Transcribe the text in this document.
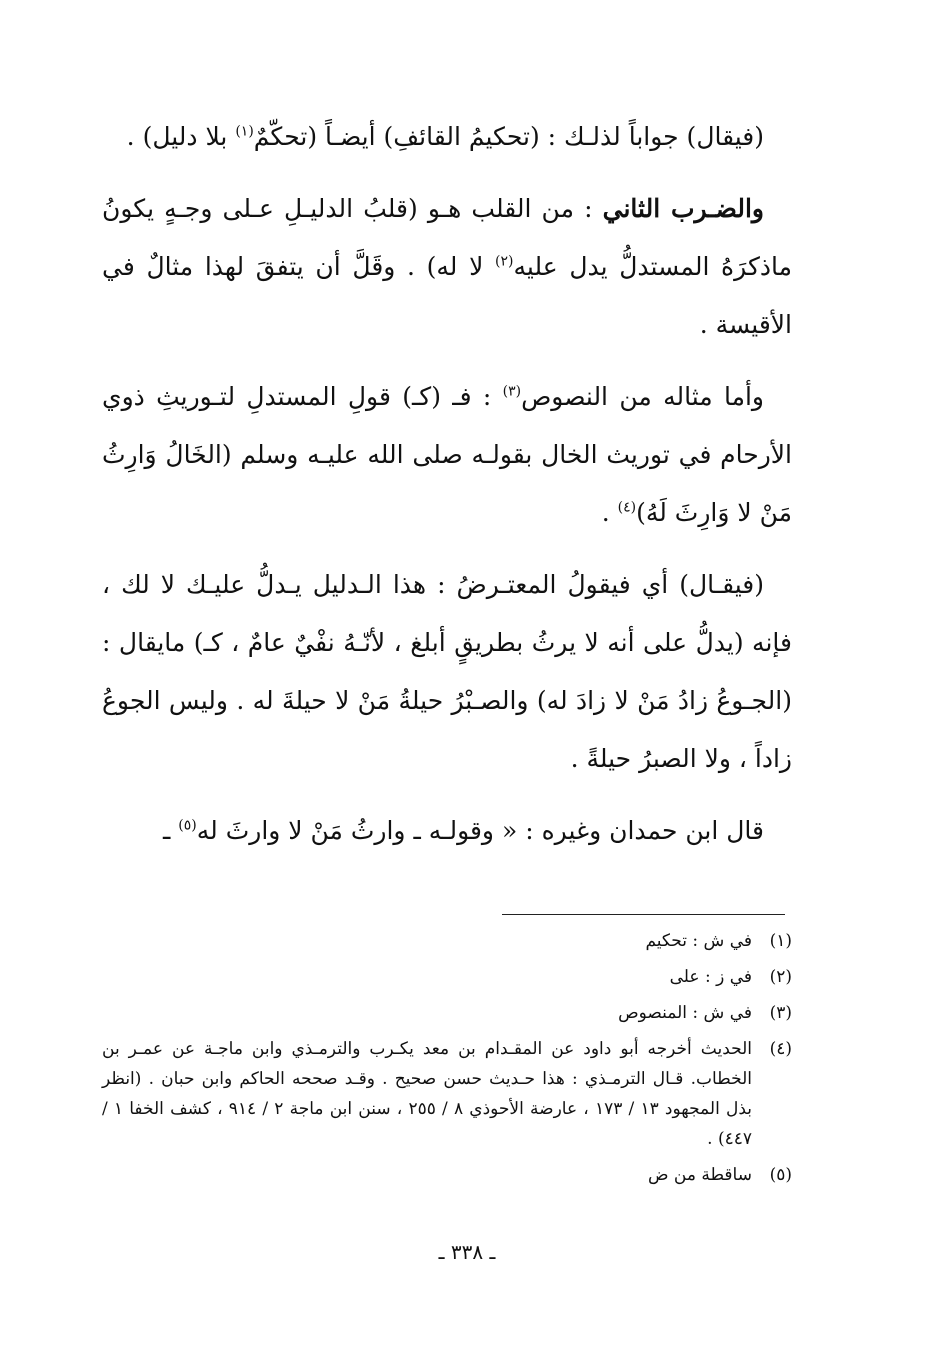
(فيقال) جواباً لذلـك : (تحكيمُ القائفِ) أيضـاً (تحكّمٌ$^{(١)}$ بلا دليل) .

والضـرب الثاني : من القلب هـو (قلبُ الدليـلِ عـلى وجـهٍ يكونُ ماذكرَهُ المستدلُّ يدل عليه$^{(٢)}$ لا له) . وقَلَّ أن يتفقَ لهذا مثالٌ في الأقيسة .

وأما مثاله من النصوص$^{(٣)}$ : فـ (كـ) قولِ المستدلِ لتـوريثِ ذوي الأرحام في توريث الخال بقولـه صلى الله عليـه وسلم (الخَالُ وَارِثُ مَنْ لا وَارِثَ لَهُ)$^{(٤)}$ .

(فيقـال) أي فيقولُ المعتـرضُ : هذا الـدليل يـدلُّ عليـك لا لك ، فإنه (يدلُّ على أنه لا يرثُ بطريقٍ أبلغ ، لأنّـهُ نفْيٌ عامٌ ، كـ) مايقال : (الجـوعُ زادُ مَنْ لا زادَ له) والصـبْرُ حيلةُ مَنْ لا حيلةَ له . وليس الجوعُ زاداً ، ولا الصبرُ حيلةً .

قال ابن حمدان وغيره : « وقولـه ـ وارثُ مَنْ لا وارثَ له$^{(٥)}$ ـ

(١)
في ش : تحكيم
(٢)
في ز : على
(٣)
في ش : المنصوص
(٤)
الحديث أخرجه أبو داود عن المقـدام بن معد يكـرب والترمـذي وابن ماجـة عن عمـر بن الخطاب. قـال الترمـذي : هذا حـديث حسن صحيح . وقـد صححه الحاكم وابن حبان . (انظر بذل المجهود ١٣ / ١٧٣ ، عارضة الأحوذي ٨ / ٢٥٥ ، سنن ابن ماجة ٢ / ٩١٤ ، كشف الخفا ١ / ٤٤٧) .
(٥)
ساقطة من ض
ـ ٣٣٨ ـ
